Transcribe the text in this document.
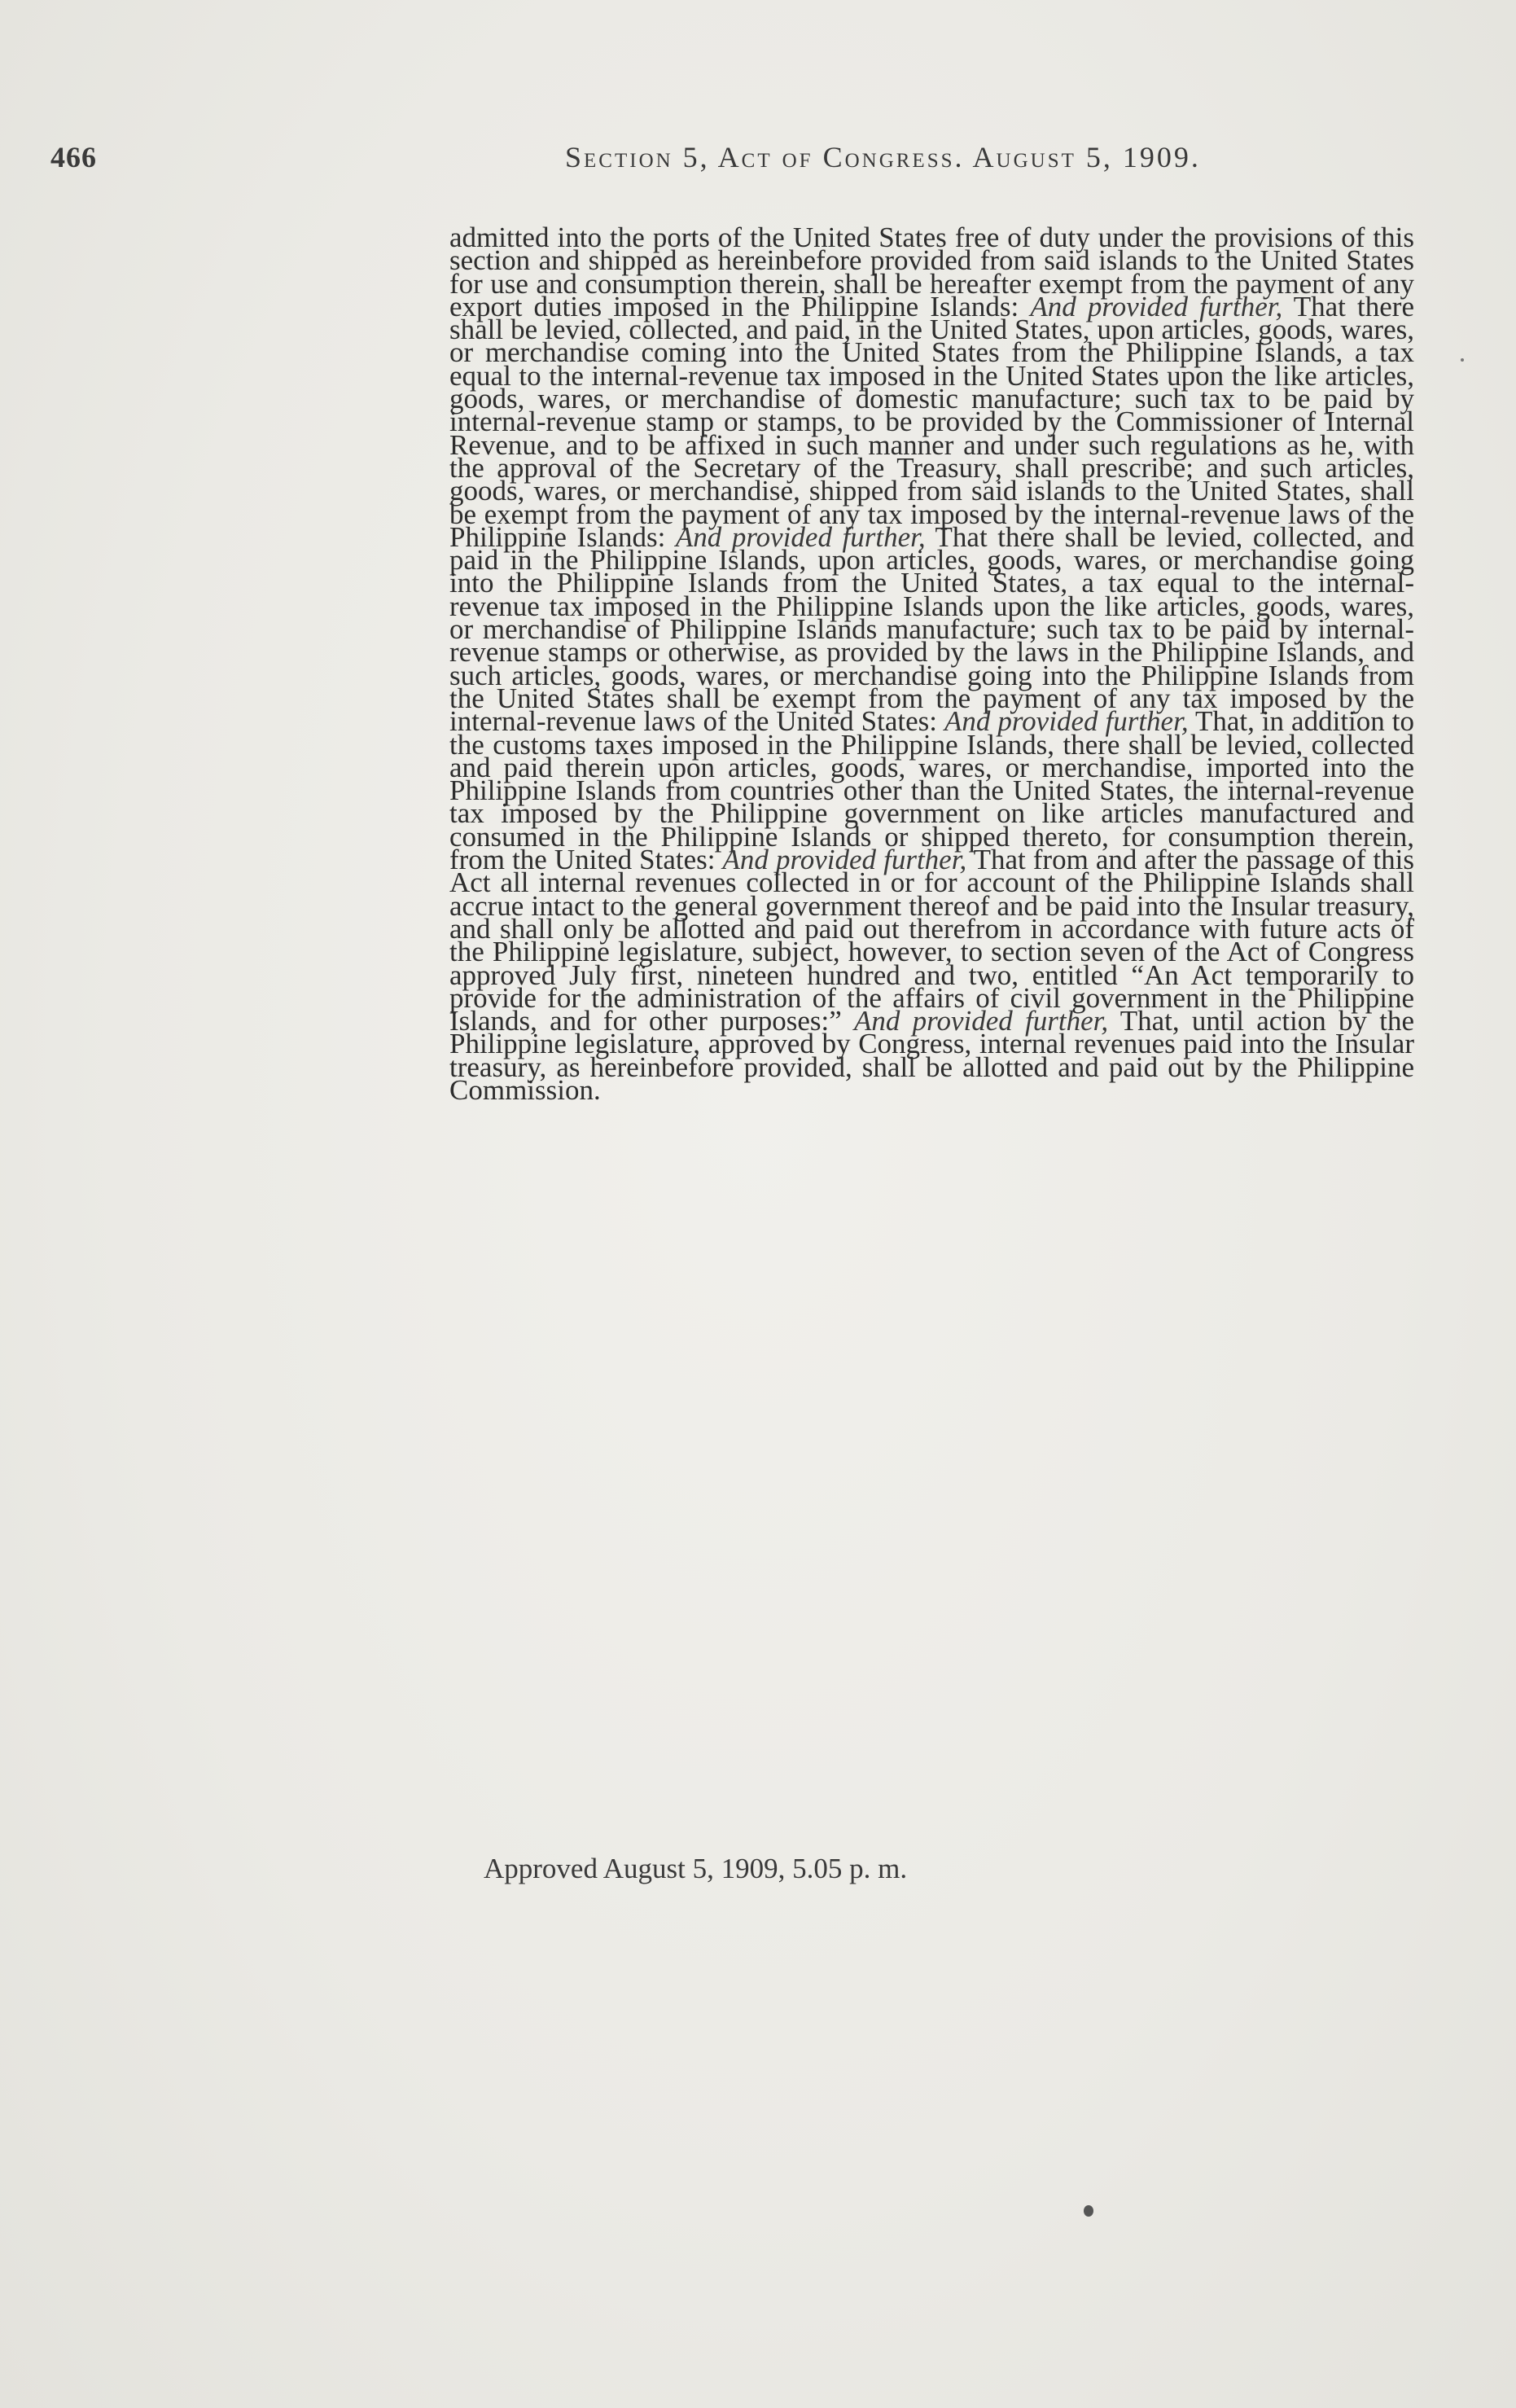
466	Section 5, Act of Congress. August 5, 1909.

admitted into the ports of the United States free of duty under the provisions of this section and shipped as hereinbefore provided from said islands to the United States for use and consumption therein, shall be hereafter exempt from the payment of any export duties imposed in the Philippine Islands: And provided further, That there shall be levied, collected, and paid, in the United States, upon articles, goods, wares, or merchandise coming into the United States from the Philippine Islands, a tax equal to the internal-revenue tax imposed in the United States upon the like articles, goods, wares, or merchandise of domestic manufacture; such tax to be paid by internal-revenue stamp or stamps, to be provided by the Commissioner of Internal Revenue, and to be affixed in such manner and under such regulations as he, with the approval of the Secretary of the Treasury, shall prescribe; and such articles, goods, wares, or merchandise, shipped from said islands to the United States, shall be exempt from the payment of any tax imposed by the internal-revenue laws of the Philippine Islands: And provided further, That there shall be levied, collected, and paid in the Philippine Islands, upon articles, goods, wares, or merchandise going into the Philippine Islands from the United States, a tax equal to the internal-revenue tax imposed in the Philippine Islands upon the like articles, goods, wares, or merchandise of Philippine Islands manufacture; such tax to be paid by internal-revenue stamps or otherwise, as provided by the laws in the Philippine Islands, and such articles, goods, wares, or merchandise going into the Philippine Islands from the United States shall be exempt from the payment of any tax imposed by the internal-revenue laws of the United States: And provided further, That, in addition to the customs taxes imposed in the Philippine Islands, there shall be levied, collected and paid therein upon articles, goods, wares, or merchandise, imported into the Philippine Islands from countries other than the United States, the internal-revenue tax imposed by the Philippine government on like articles manufactured and consumed in the Philippine Islands or shipped thereto, for consumption therein, from the United States: And provided further, That from and after the passage of this Act all internal revenues collected in or for account of the Philippine Islands shall accrue intact to the general government thereof and be paid into the Insular treasury, and shall only be allotted and paid out therefrom in accordance with future acts of the Philippine legislature, subject, however, to section seven of the Act of Congress approved July first, nineteen hundred and two, entitled “An Act temporarily to provide for the administration of the affairs of civil government in the Philippine Islands, and for other purposes:” And provided further, That, until action by the Philippine legislature, approved by Congress, internal revenues paid into the Insular treasury, as hereinbefore provided, shall be allotted and paid out by the Philippine Commission.

Approved August 5, 1909, 5.05 p. m.
